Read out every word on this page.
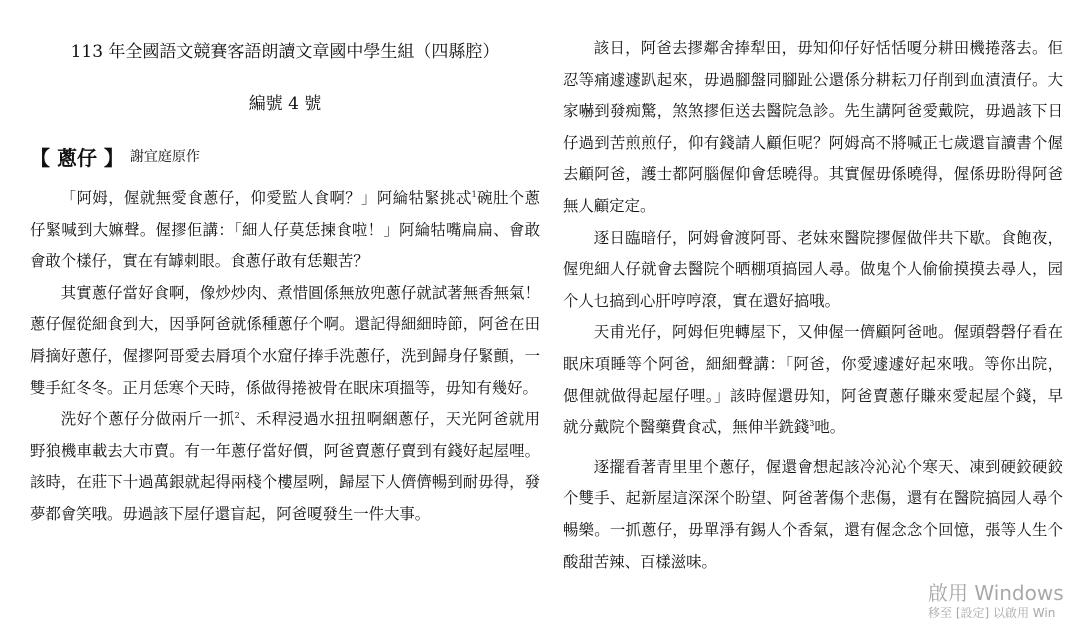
113 年全國語文競賽客語朗讀文章國中學生組（四縣腔）

編號 4 號

【 蔥仔 】 謝宜庭原作

「阿姆，偓就無愛食蔥仔，仰愛監人食啊？」阿綸牯緊挑忒$^1$碗肚个蔥仔緊喊到大嫲聲。偓摎佢講：「細人仔莫恁揀食啦！」阿綸牯嘴扁扁、會敢會敢个樣仔，實在有罅刺眼。食蔥仔敢有恁艱苦？

其實蔥仔當好食啊，像炒炒肉、煮惜圓係無放兜蔥仔就試著無香無氣！蔥仔偓從細食到大，因爭阿爸就係種蔥仔个啊。還記得細細時節，阿爸在田脣摘好蔥仔，偓摎阿哥愛去脣項个水窟仔捧手洗蔥仔，洗到歸身仔緊顫，一雙手紅冬冬。正月恁寒个天時，係做得捲被骨在眠床項搵等，毋知有幾好。

洗好个蔥仔分做兩斤一抓$^2$、禾稈浸過水扭扭啊綑蔥仔，天光阿爸就用野狼機車載去大市賣。有一年蔥仔當好價，阿爸賣蔥仔賣到有錢好起屋哩。該時，在莊下十過萬銀就起得兩棧个樓屋咧，歸屋下人儕儕暢到耐毋得，發夢都會笑哦。毋過該下屋仔還盲起，阿爸嗄發生一件大事。

該日，阿爸去摎鄰舍捧犁田，毋知仰仔好恬恬嗄分耕田機捲落去。佢忍等痛遽遽趴起來，毋過腳盤同腳趾公還係分耕耘刀仔削到血漬漬仔。大家嚇到發痴驚，煞煞摎佢送去醫院急診。先生講阿爸愛戴院，毋過該下日仔過到苦煎煎仔，仰有錢請人顧佢呢？阿姆高不將喊正七歲還盲讀書个偓去顧阿爸，護士都阿腦偓仰會恁曉得。其實偓毋係曉得，偓係毋盼得阿爸無人顧定定。

逐日臨暗仔，阿姆會渡阿哥、老妹來醫院摎偓做伴共下歇。食飽夜，偓兜細人仔就會去醫院个晒棚項搞园人尋。做鬼个人偷偷摸摸去尋人，园个人乜搞到心肝哼哼滾，實在還好搞哦。

天甫光仔，阿姆佢兜轉屋下，又伸偓一儕顧阿爸吔。偓頭磬磬仔看在眠床項睡等个阿爸，細細聲講：「阿爸，你愛遽遽好起來哦。等你出院，偲俚就做得起屋仔哩。」該時偓還毋知，阿爸賣蔥仔賺來愛起屋个錢，早就分戴院个醫藥費食忒，無伸半銑錢$^3$吔。

逐擺看著青里里个蔥仔，偓還會想起該冷沁沁个寒天、凍到硬鉸硬鉸个雙手、起新屋這深深个盼望、阿爸著傷个悲傷，還有在醫院搞园人尋个暢樂。一抓蔥仔，毋單淨有錫人个香氣，還有偓念念个回憶，張等人生个酸甜苦辣、百樣滋味。

啟用 Windows
移至 [設定] 以啟用 Win
